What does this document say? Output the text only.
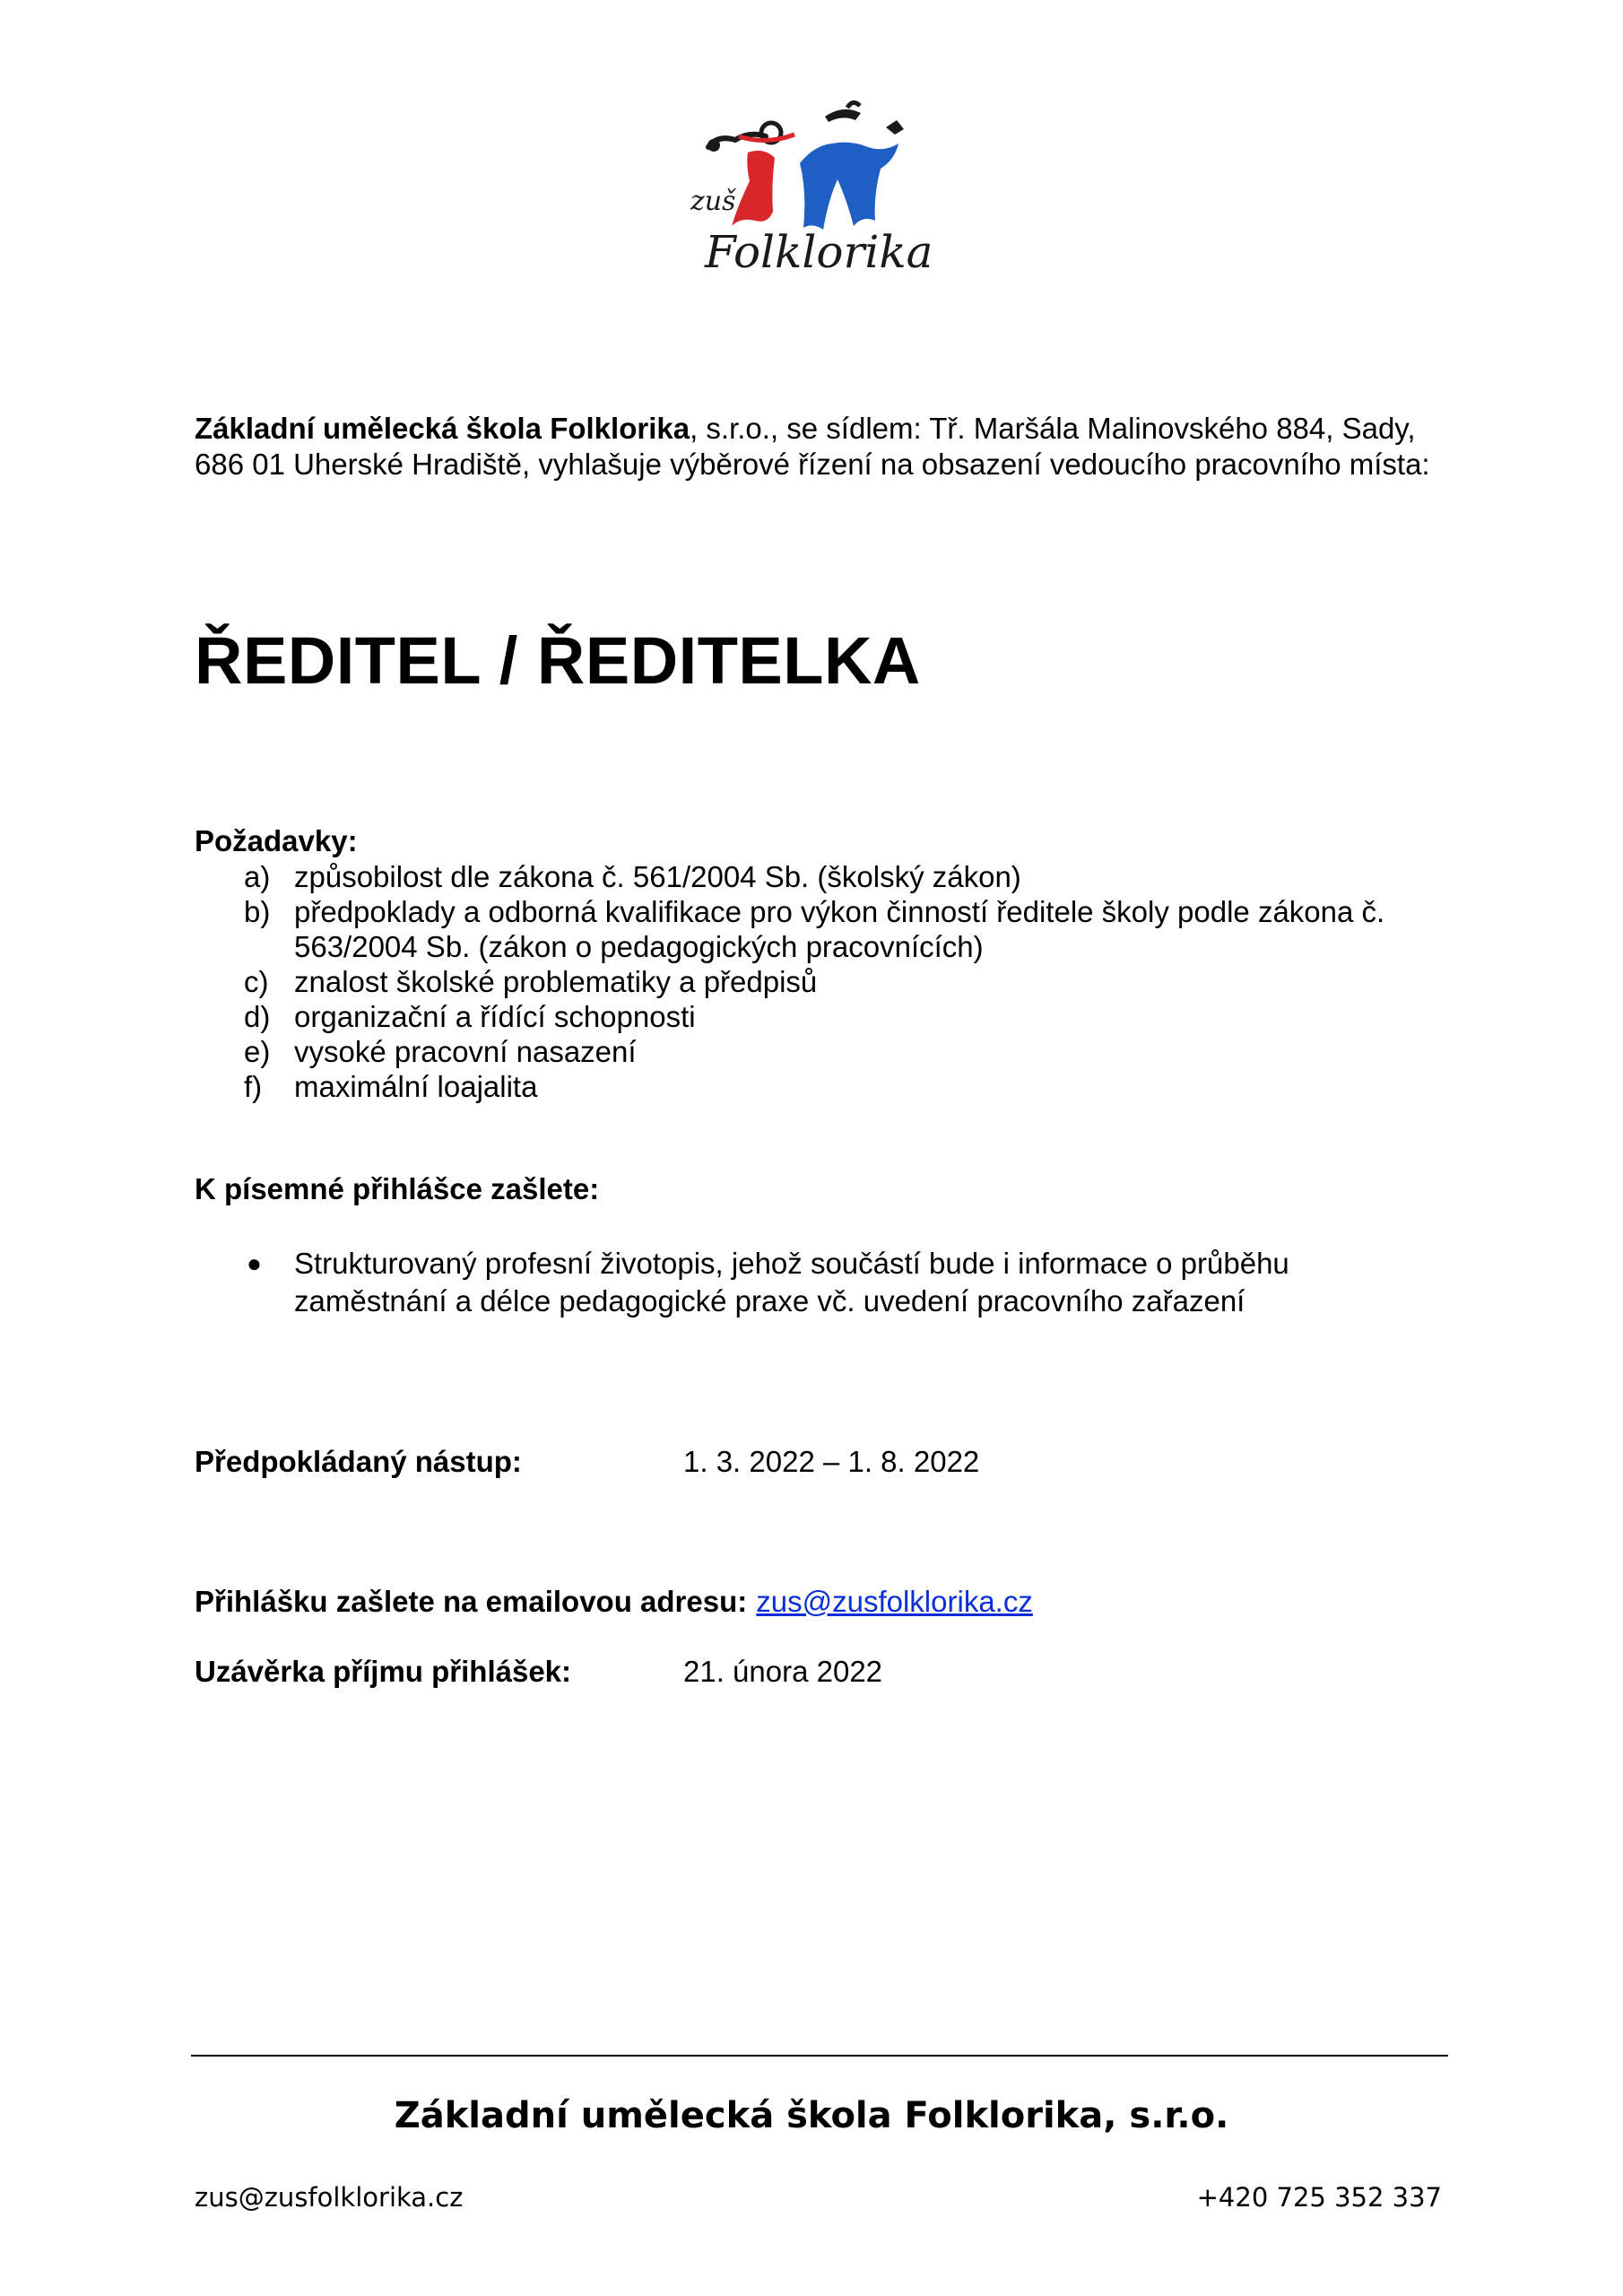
zuš
Folklorika
Základní umělecká škola Folklorika, s.r.o., se sídlem: Tř. Maršála Malinovského 884, Sady, 686 01 Uherské Hradiště, vyhlašuje výběrové řízení na obsazení vedoucího pracovního místa:
ŘEDITEL / ŘEDITELKA
Požadavky:
a) způsobilost dle zákona č. 561/2004 Sb. (školský zákon)
b) předpoklady a odborná kvalifikace pro výkon činností ředitele školy podle zákona č. 563/2004 Sb. (zákon o pedagogických pracovnících)
c) znalost školské problematiky a předpisů
d) organizační a řídící schopnosti
e) vysoké pracovní nasazení
f)	maximální loajalita
K písemné přihlášce zašlete:
●	Strukturovaný profesní životopis, jehož součástí bude i informace o průběhu zaměstnání a délce pedagogické praxe vč. uvedení pracovního zařazení
Předpokládaný nástup:	1. 3. 2022 – 1. 8. 2022
Přihlášku zašlete na emailovou adresu: zus@zusfolklorika.cz
Uzávěrka příjmu přihlášek:	21. února 2022
Základní umělecká škola Folklorika, s.r.o.
zus@zusfolklorika.cz	+420 725 352 337
